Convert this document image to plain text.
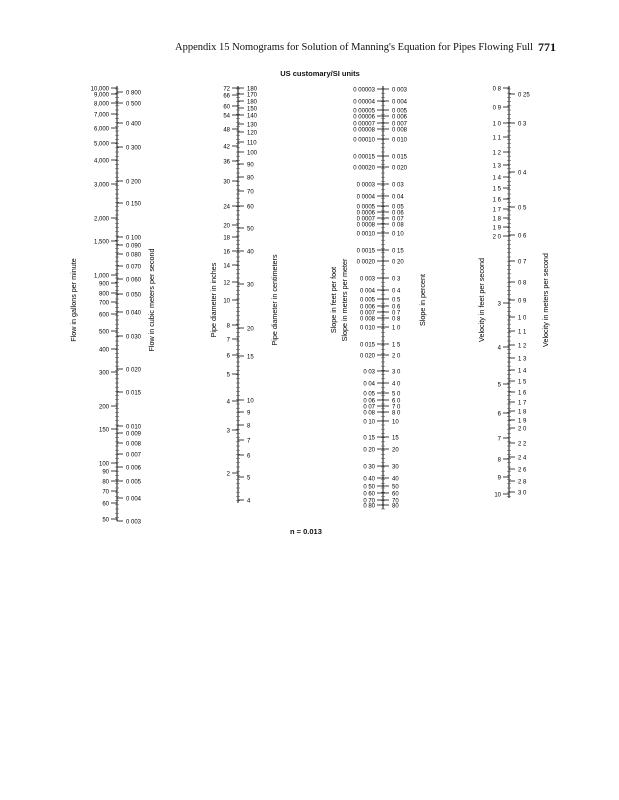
Appendix 15 Nomograms for Solution of Manning's Equation for Pipes Flowing Full 771
US customary/SI units
n = 0.013
Flow in gallons per minute
10,000
9,000
8,000
7,000
6,000
5,000
4,000
3,000
2,000
1,500
1,000
900
800
700
600
500
400
300
200
150
100
90
80
70
60
50
Flow in cubic meters per second
0 800
0 500
0 400
0 300
0 200
0 150
0 100
0 090
0 080
0 070
0 060
0 050
0 040
0 030
0 020
0 015
0 010
0 009
0 008
0 007
0 006
0 005
0 004
0 003
Pipe diameter in inches
72
66
60
54
48
42
36
30
24
20
18
16
14
12
10
8
7
6
5
4
3
2
Pipe diameter in centimeters
180
170
180
150
140
130
120
110
100
90
80
70
60
50
40
30
20
15
10
9
8
7
6
5
4
Slope in feet per foot
0 00003
0 00004
0 00005
0 00006
0 00007
0 00008
0 00010
0 00015
0 00020
0 0003
0 0004
0 0005
0 0006
0 0007
0 0008
0 0010
0 0015
0 0020
0 003
0 004
0 005
0 006
0 007
0 008
0 010
0 015
0 020
0 03
0 04
0 05
0 06
0 07
0 08
0 10
0 15
0 20
0 30
0 40
0 50
0 60
0 70
0 80
Slope in meters per meter	Slope in percent
0 003
0 004
0 005
0 006
0 007
0 008
0 010
0 015
0 020
0 03
0 04
0 05
0 06
0 07
0 08
0 10
0 15
0 20
0 3
0 4
0 5
0 6
0 7
0 8
1 0
1 5
2 0
3 0
4 0
5 0
6 0
7 0
8 0
10
15
20
30
40
50
60
70
80
Velocity in feet per second
0 8
0 9
1 0
1 1
1 2
1 3
1 4
1 5
1 6
1 7
1 8
1 9
2 0
3
4
5
6
7
8
9
10
Velocity in meters per second
0 25
0 3
0 4
0 5
0 6
0 7
0 8
0 9
1 0
1 1
1 2
1 3
1 4
1 5
1 6
1 7
1 8
1 9
2 0
2 2
2 4
2 6
2 8
3 0
